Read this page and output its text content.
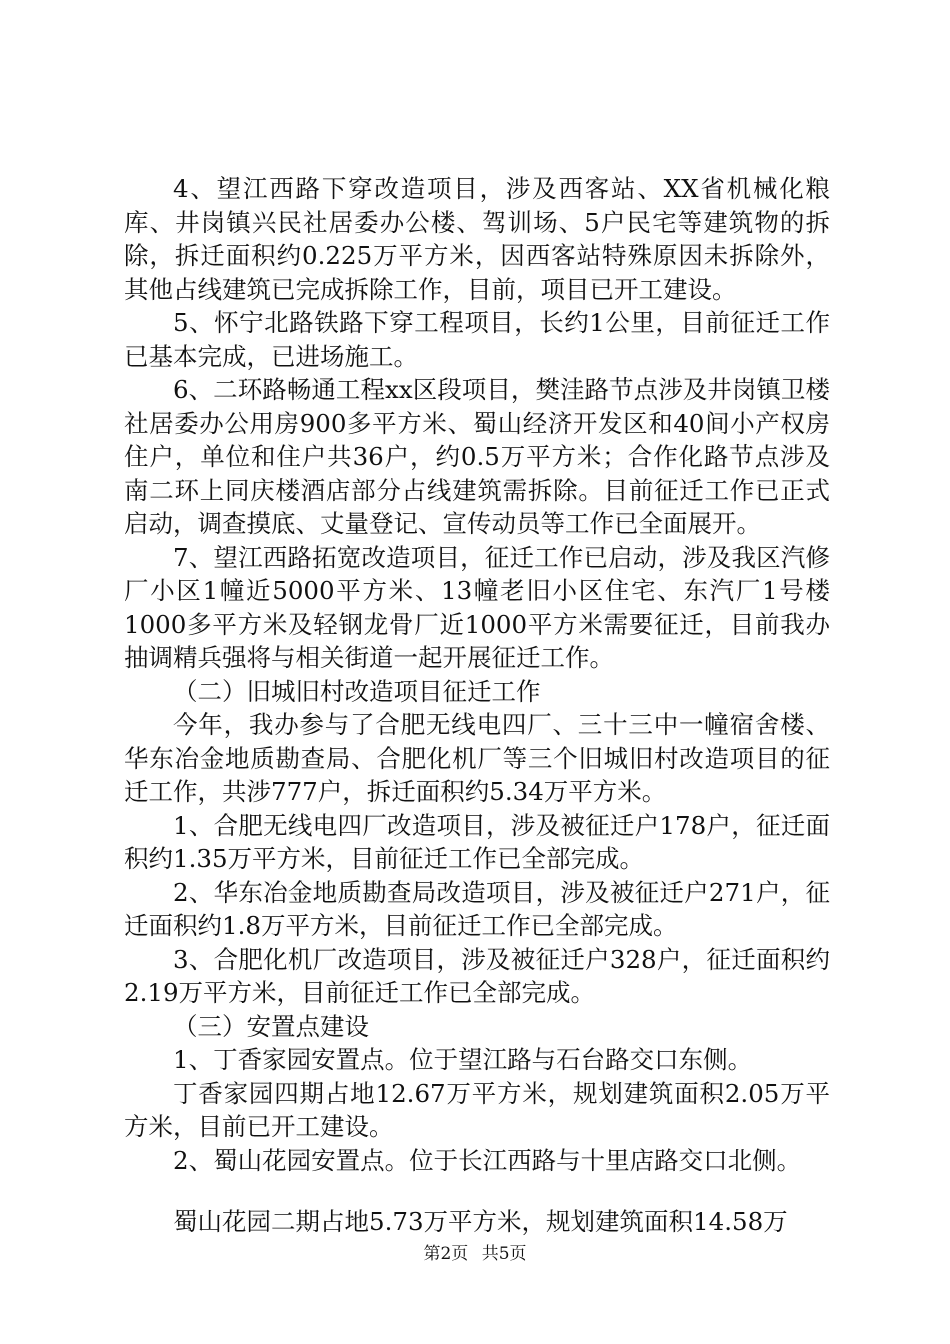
4、望江西路下穿改造项目，涉及西客站、XX省机械化粮库、井岗镇兴民社居委办公楼、驾训场、5户民宅等建筑物的拆除，拆迁面积约0.225万平方米，因西客站特殊原因未拆除外，其他占线建筑已完成拆除工作，目前，项目已开工建设。

5、怀宁北路铁路下穿工程项目，长约1公里，目前征迁工作已基本完成，已进场施工。

6、二环路畅通工程xx区段项目，樊洼路节点涉及井岗镇卫楼社居委办公用房900多平方米、蜀山经济开发区和40间小产权房住户，单位和住户共36户，约0.5万平方米；合作化路节点涉及南二环上同庆楼酒店部分占线建筑需拆除。目前征迁工作已正式启动，调查摸底、丈量登记、宣传动员等工作已全面展开。

7、望江西路拓宽改造项目，征迁工作已启动，涉及我区汽修厂小区1幢近5000平方米、13幢老旧小区住宅、东汽厂1号楼1000多平方米及轻钢龙骨厂近1000平方米需要征迁，目前我办抽调精兵强将与相关街道一起开展征迁工作。

（二）旧城旧村改造项目征迁工作

今年，我办参与了合肥无线电四厂、三十三中一幢宿舍楼、华东冶金地质勘查局、合肥化机厂等三个旧城旧村改造项目的征迁工作，共涉777户，拆迁面积约5.34万平方米。

1、合肥无线电四厂改造项目，涉及被征迁户178户，征迁面积约1.35万平方米，目前征迁工作已全部完成。

2、华东冶金地质勘查局改造项目，涉及被征迁户271户，征迁面积约1.8万平方米，目前征迁工作已全部完成。

3、合肥化机厂改造项目，涉及被征迁户328户，征迁面积约2.19万平方米，目前征迁工作已全部完成。

（三）安置点建设

1、丁香家园安置点。位于望江路与石台路交口东侧。

丁香家园四期占地12.67万平方米，规划建筑面积2.05万平方米，目前已开工建设。

2、蜀山花园安置点。位于长江西路与十里店路交口北侧。

蜀山花园二期占地5.73万平方米，规划建筑面积14.58万

第2页 共5页
